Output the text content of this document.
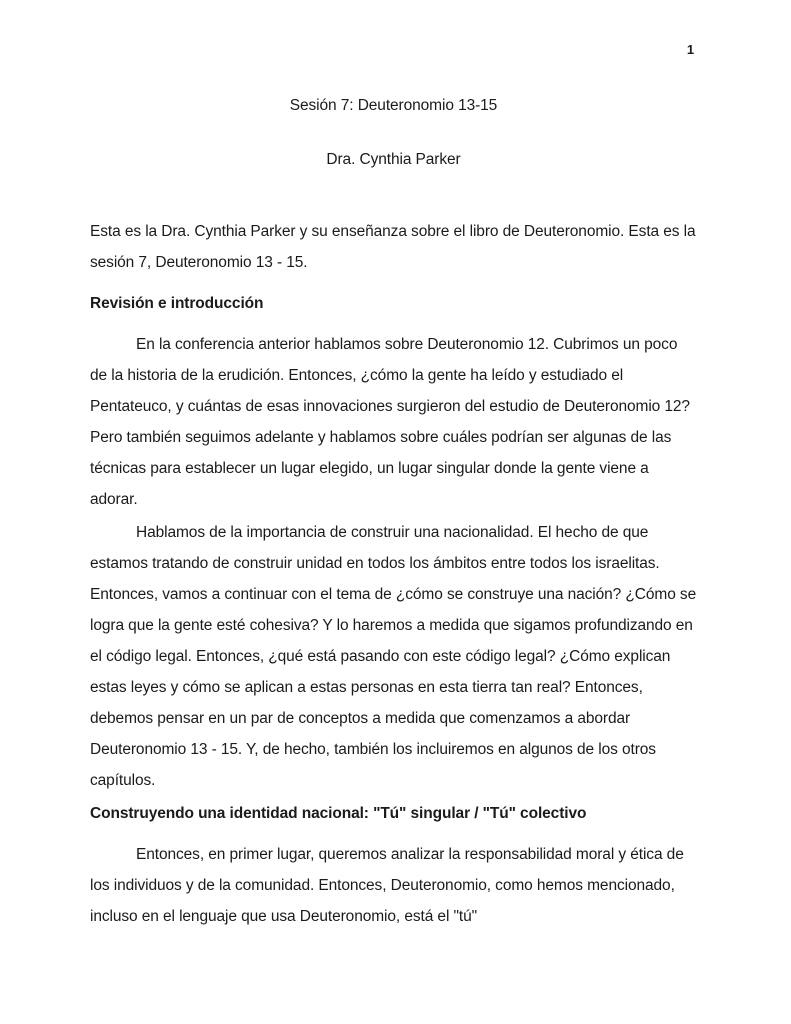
1
Sesión 7: Deuteronomio 13-15
Dra. Cynthia Parker

Esta es la Dra. Cynthia Parker y su enseñanza sobre el libro de Deuteronomio. Esta es la sesión 7, Deuteronomio 13 - 15.

Revisión e introducción

En la conferencia anterior hablamos sobre Deuteronomio 12. Cubrimos un poco de la historia de la erudición. Entonces, ¿cómo la gente ha leído y estudiado el Pentateuco, y cuántas de esas innovaciones surgieron del estudio de Deuteronomio 12? Pero también seguimos adelante y hablamos sobre cuáles podrían ser algunas de las técnicas para establecer un lugar elegido, un lugar singular donde la gente viene a adorar.

Hablamos de la importancia de construir una nacionalidad. El hecho de que estamos tratando de construir unidad en todos los ámbitos entre todos los israelitas. Entonces, vamos a continuar con el tema de ¿cómo se construye una nación? ¿Cómo se logra que la gente esté cohesiva? Y lo haremos a medida que sigamos profundizando en el código legal. Entonces, ¿qué está pasando con este código legal? ¿Cómo explican estas leyes y cómo se aplican a estas personas en esta tierra tan real? Entonces, debemos pensar en un par de conceptos a medida que comenzamos a abordar Deuteronomio 13 - 15. Y, de hecho, también los incluiremos en algunos de los otros capítulos.

Construyendo una identidad nacional: "Tú" singular / "Tú" colectivo

Entonces, en primer lugar, queremos analizar la responsabilidad moral y ética de los individuos y de la comunidad. Entonces, Deuteronomio, como hemos mencionado, incluso en el lenguaje que usa Deuteronomio, está el "tú"
